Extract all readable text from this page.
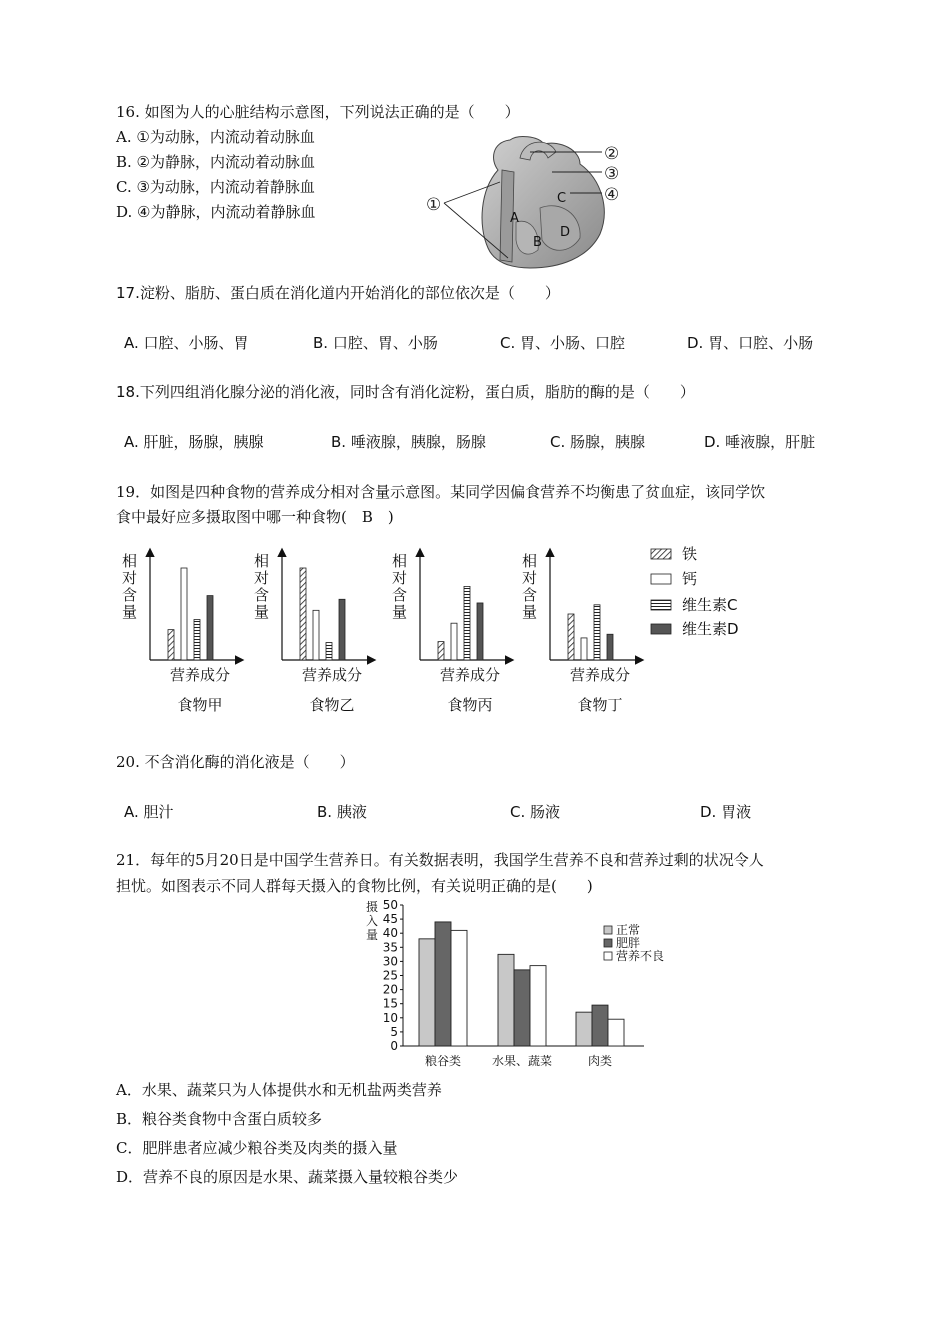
16. 如图为人的心脏结构示意图，下列说法正确的是（　　）
A. ①为动脉，内流动着动脉血
B. ②为静脉，内流动着动脉血
C. ③为动脉，内流动着静脉血
D. ④为静脉，内流动着静脉血	①
②
③
④
A
B
C
D
17.淀粉、脂肪、蛋白质在消化道内开始消化的部位依次是（　　）
A. 口腔、小肠、胃	B. 口腔、胃、小肠	C. 胃、小肠、口腔	D. 胃、口腔、小肠
18.下列四组消化腺分泌的消化液，同时含有消化淀粉，蛋白质，脂肪的酶的是（　　）
A. 肝脏，肠腺，胰腺	B. 唾液腺，胰腺，肠腺	C. 肠腺，胰腺	D. 唾液腺，肝脏
19．如图是四种食物的营养成分相对含量示意图。某同学因偏食营养不均衡患了贫血症，该同学饮
食中最好应多摄取图中哪一种食物(　B　)
相
对
含
量
营养成分
食物甲
相
对
含
量
营养成分
食物乙
相
对
含
量
营养成分
食物丙
相
对
含
量
营养成分
食物丁
铁
钙
维生素C
维生素D
20. 不含消化酶的消化液是（　　）
A. 胆汁	B. 胰液	C. 肠液	D. 胃液
21．每年的5月20日是中国学生营养日。有关数据表明，我国学生营养不良和营养过剩的状况令人
担忧。如图表示不同人群每天摄入的食物比例，有关说明正确的是(　　)
摄
入
量
0
5
10
15
20
25
30
35
40
45
50
粮谷类	水果、蔬菜	肉类
正常
肥胖
营养不良
A．水果、蔬菜只为人体提供水和无机盐两类营养
B．粮谷类食物中含蛋白质较多
C．肥胖患者应减少粮谷类及肉类的摄入量
D．营养不良的原因是水果、蔬菜摄入量较粮谷类少
